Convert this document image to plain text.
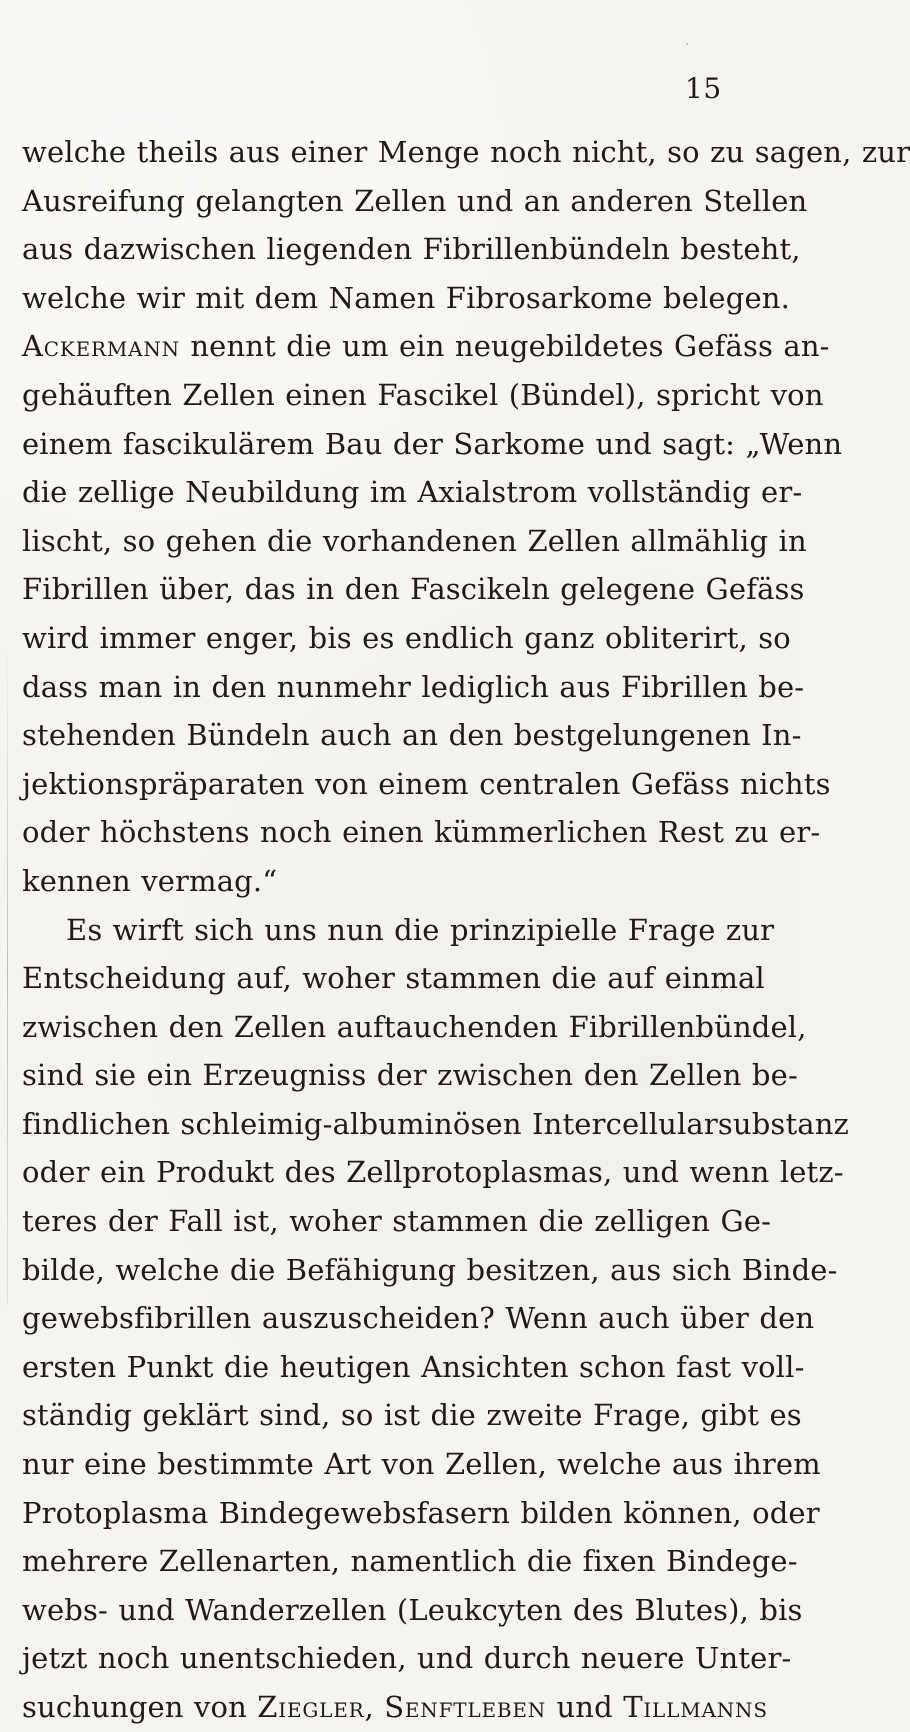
15
welche theils aus einer Menge noch nicht, so zu sagen, zur
Ausreifung gelangten Zellen und an anderen Stellen
aus dazwischen liegenden Fibrillenbündeln besteht,
welche wir mit dem Namen Fibrosarkome belegen.
Ackermann nennt die um ein neugebildetes Gefäss an-
gehäuften Zellen einen Fascikel (Bündel), spricht von
einem fascikulärem Bau der Sarkome und sagt: „Wenn
die zellige Neubildung im Axialstrom vollständig er-
lischt, so gehen die vorhandenen Zellen allmählig in
Fibrillen über, das in den Fascikeln gelegene Gefäss
wird immer enger, bis es endlich ganz obliterirt, so
dass man in den nunmehr lediglich aus Fibrillen be-
stehenden Bündeln auch an den bestgelungenen In-
jektionspräparaten von einem centralen Gefäss nichts
oder höchstens noch einen kümmerlichen Rest zu er-
kennen vermag.“
Es wirft sich uns nun die prinzipielle Frage zur
Entscheidung auf, woher stammen die auf einmal
zwischen den Zellen auftauchenden Fibrillenbündel,
sind sie ein Erzeugniss der zwischen den Zellen be-
findlichen schleimig-albuminösen Intercellularsubstanz
oder ein Produkt des Zellprotoplasmas, und wenn letz-
teres der Fall ist, woher stammen die zelligen Ge-
bilde, welche die Befähigung besitzen, aus sich Binde-
gewebsfibrillen auszuscheiden? Wenn auch über den
ersten Punkt die heutigen Ansichten schon fast voll-
ständig geklärt sind, so ist die zweite Frage, gibt es
nur eine bestimmte Art von Zellen, welche aus ihrem
Protoplasma Bindegewebsfasern bilden können, oder
mehrere Zellenarten, namentlich die fixen Bindege-
webs- und Wanderzellen (Leukcyten des Blutes), bis
jetzt noch unentschieden, und durch neuere Unter-
suchungen von Ziegler, Senftleben und Tillmanns
